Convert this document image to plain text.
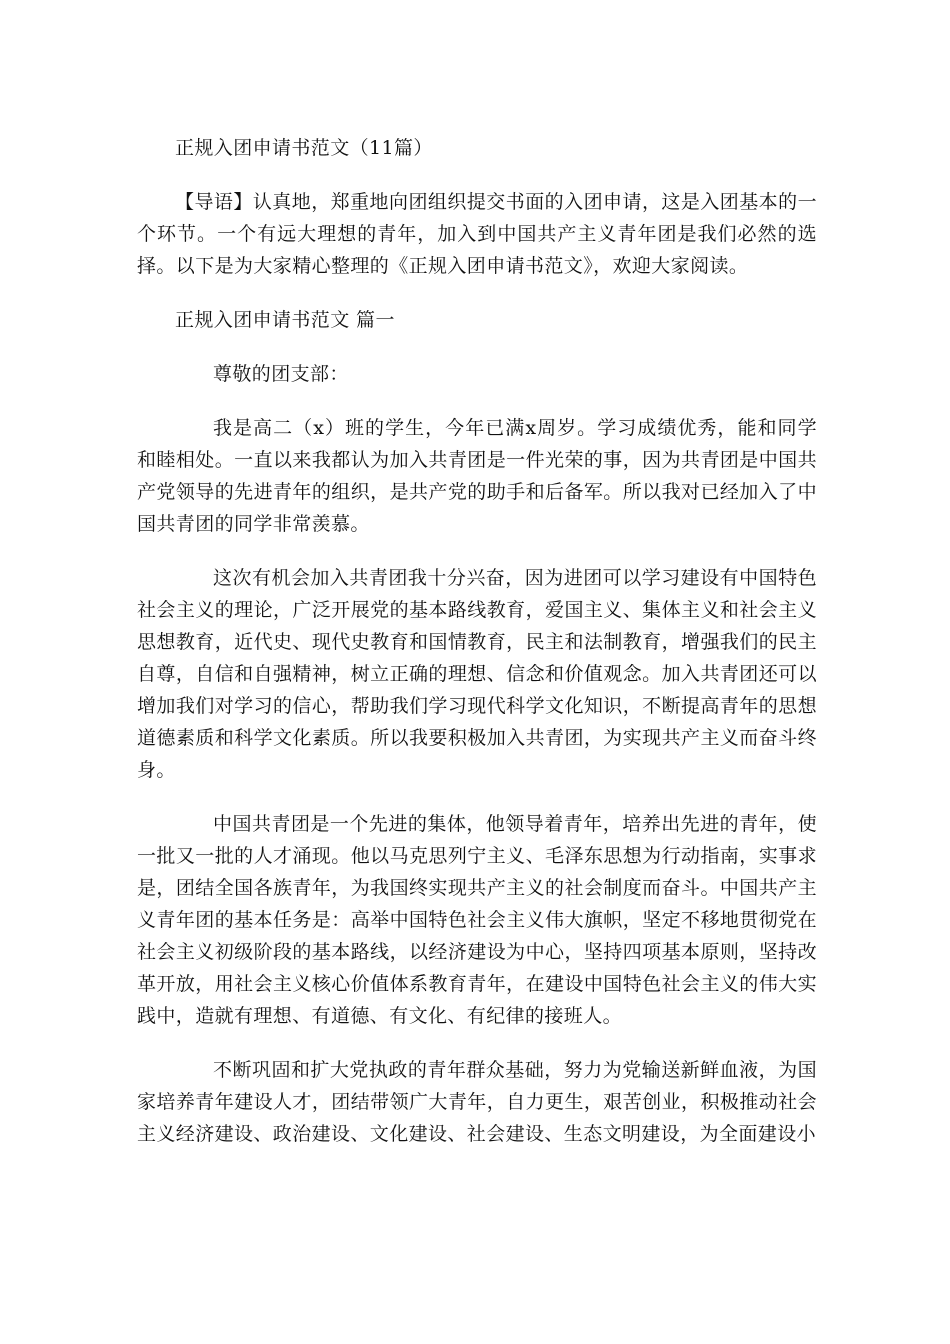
正规入团申请书范文（11篇）

【导语】认真地，郑重地向团组织提交书面的入团申请，这是入团基本的一个环节。一个有远大理想的青年，加入到中国共产主义青年团是我们必然的选择。以下是为大家精心整理的《正规入团申请书范文》，欢迎大家阅读。

正规入团申请书范文 篇一

尊敬的团支部：

我是高二（x）班的学生，今年已满x周岁。学习成绩优秀，能和同学和睦相处。一直以来我都认为加入共青团是一件光荣的事，因为共青团是中国共产党领导的先进青年的组织，是共产党的助手和后备军。所以我对已经加入了中国共青团的同学非常羡慕。

这次有机会加入共青团我十分兴奋，因为进团可以学习建设有中国特色社会主义的理论，广泛开展党的基本路线教育，爱国主义、集体主义和社会主义思想教育，近代史、现代史教育和国情教育，民主和法制教育，增强我们的民主自尊，自信和自强精神，树立正确的理想、信念和价值观念。加入共青团还可以增加我们对学习的信心，帮助我们学习现代科学文化知识，不断提高青年的思想道德素质和科学文化素质。所以我要积极加入共青团，为实现共产主义而奋斗终身。

中国共青团是一个先进的集体，他领导着青年，培养出先进的青年，使一批又一批的人才涌现。他以马克思列宁主义、毛泽东思想为行动指南，实事求是，团结全国各族青年，为我国终实现共产主义的社会制度而奋斗。中国共产主义青年团的基本任务是：高举中国特色社会主义伟大旗帜，坚定不移地贯彻党在社会主义初级阶段的基本路线，以经济建设为中心，坚持四项基本原则，坚持改革开放，用社会主义核心价值体系教育青年，在建设中国特色社会主义的伟大实践中，造就有理想、有道德、有文化、有纪律的接班人。

不断巩固和扩大党执政的青年群众基础，努力为党输送新鲜血液，为国家培养青年建设人才，团结带领广大青年，自力更生，艰苦创业，积极推动社会主义经济建设、政治建设、文化建设、社会建设、生态文明建设，为全面建设小
